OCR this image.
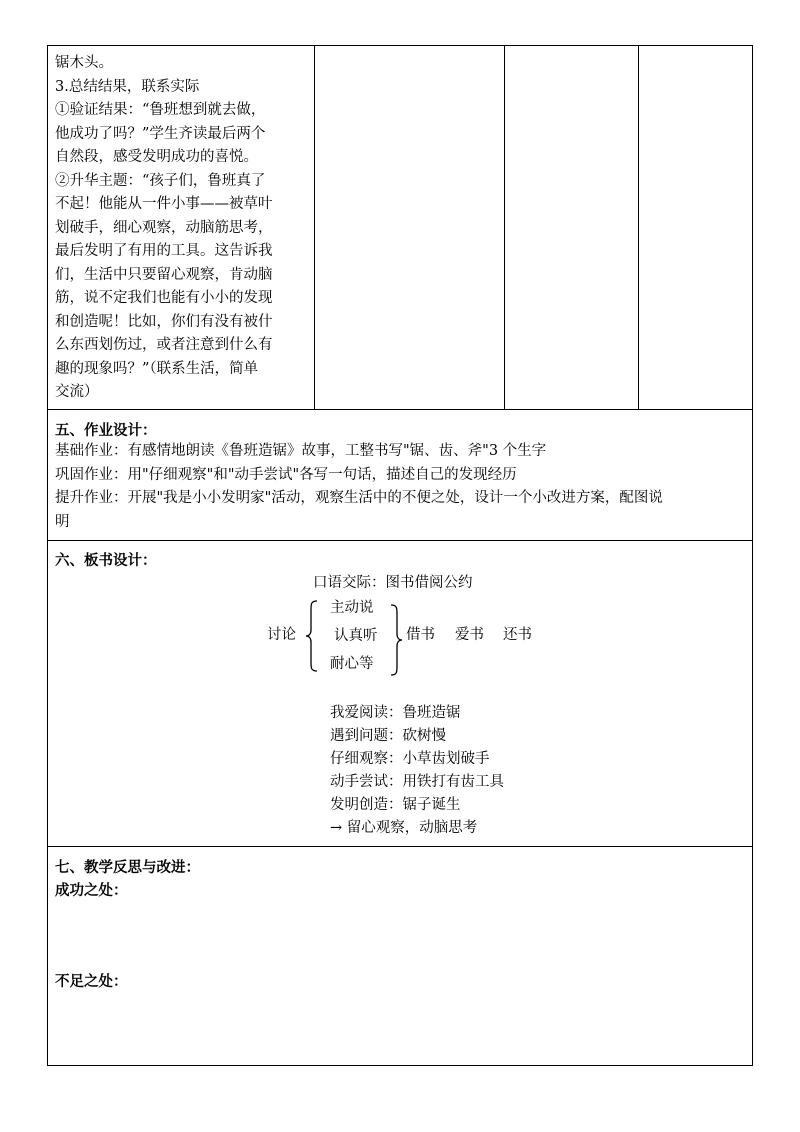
锯木头。
3.总结结果，联系实际
①验证结果：“鲁班想到就去做，
他成功了吗？”学生齐读最后两个
自然段，感受发明成功的喜悦。
②升华主题：“孩子们，鲁班真了
不起！他能从一件小事——被草叶
划破手，细心观察，动脑筋思考，
最后发明了有用的工具。这告诉我
们，生活中只要留心观察，肯动脑
筋，说不定我们也能有小小的发现
和创造呢！比如，你们有没有被什
么东西划伤过，或者注意到什么有
趣的现象吗？”（联系生活，简单
交流）
五、作业设计：
基础作业：有感情地朗读《鲁班造锯》故事，工整书写"锯、齿、斧"3 个生字
巩固作业：用"仔细观察"和"动手尝试"各写一句话，描述自己的发现经历
提升作业：开展"我是小小发明家"活动，观察生活中的不便之处，设计一个小改进方案，配图说
明
六、板书设计：
口语交际：图书借阅公约
讨论
主动说
认真听
耐心等
借书 爱书 还书
我爱阅读：鲁班造锯
遇到问题：砍树慢
仔细观察：小草齿划破手
动手尝试：用铁打有齿工具
发明创造：锯子诞生
→ 留心观察，动脑思考
七、教学反思与改进：
成功之处：
不足之处：
